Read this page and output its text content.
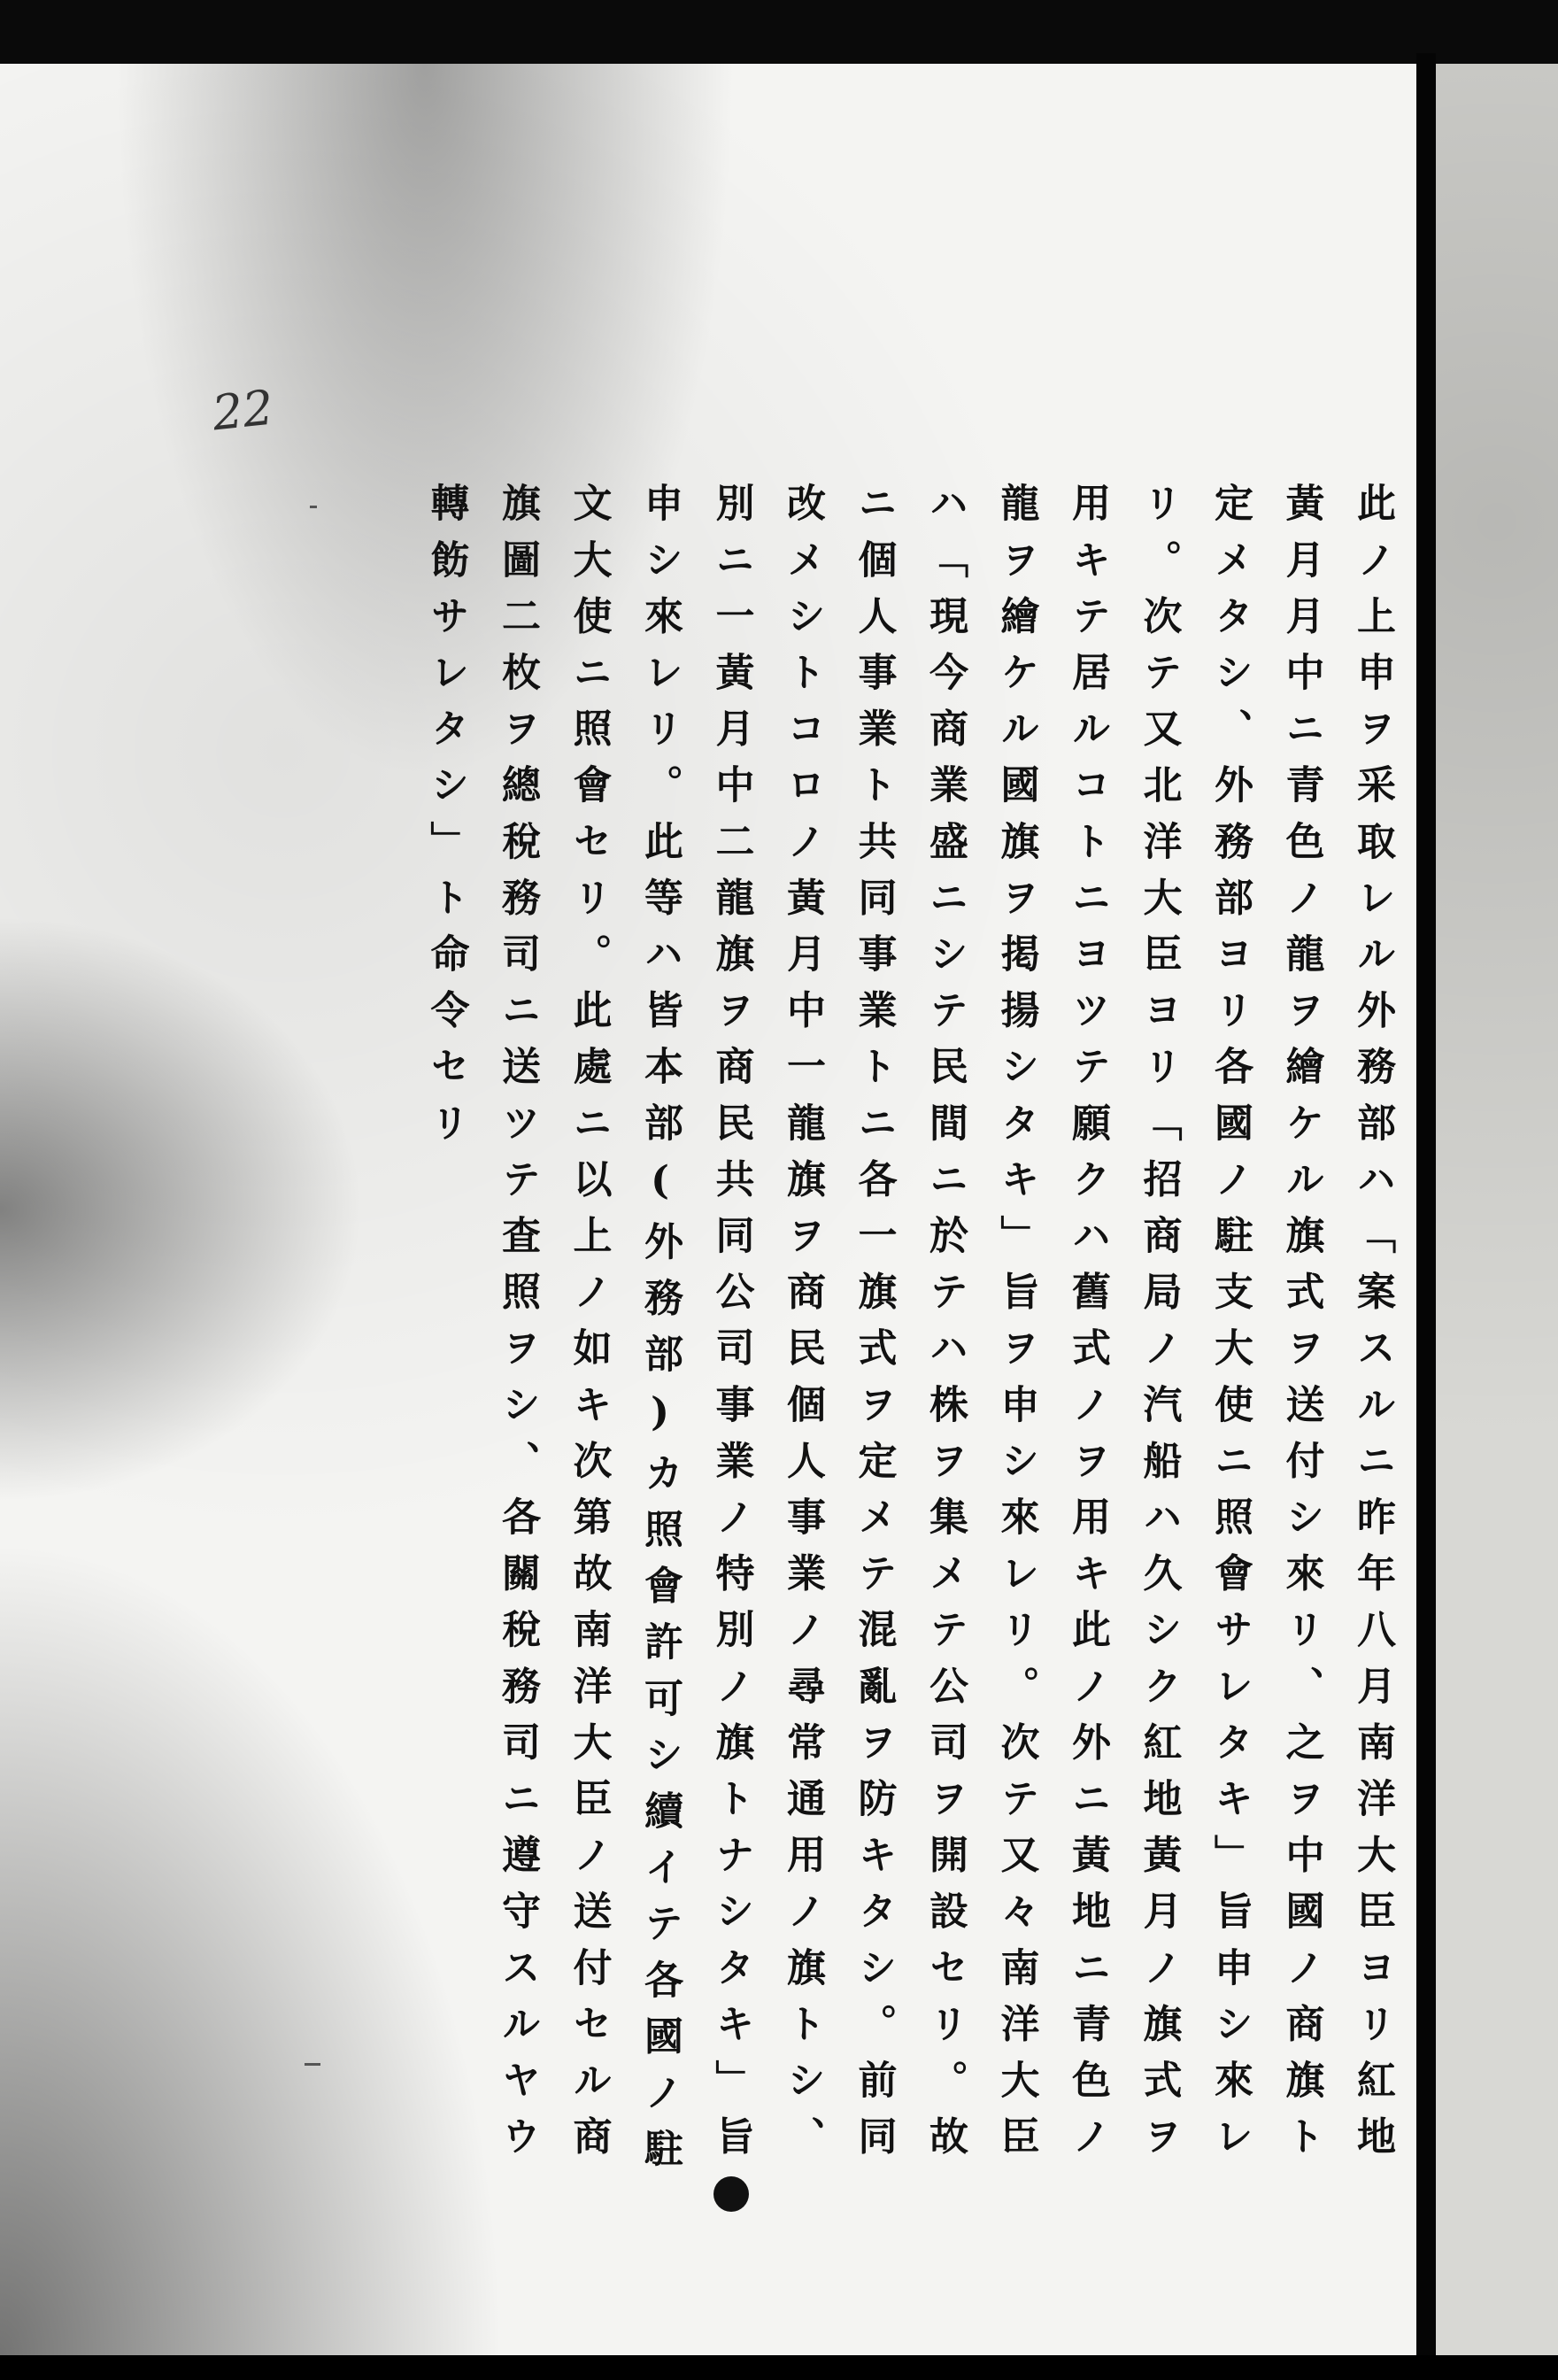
22

此ノ上申ヲ采取レル外務部ハ「案スルニ昨年八月南洋大臣ヨリ紅地

黃月月中ニ青色ノ龍ヲ繪ケル旗式ヲ送付シ來リ、之ヲ中國ノ商旗ト

定メタシ、外務部ヨリ各國ノ駐支大使ニ照會サレタキ」旨申シ來レ

リ。次テ又北洋大臣ヨリ「招商局ノ汽船ハ久シク紅地黃月ノ旗式ヲ

用キテ居ルコトニヨツテ願クハ舊式ノヲ用キ此ノ外ニ黃地ニ青色ノ

龍ヲ繪ケル國旗ヲ掲揚シタキ」旨ヲ申シ來レリ。次テ又々南洋大臣

ハ「現今商業盛ニシテ民間ニ於テハ株ヲ集メテ公司ヲ開設セリ。故

ニ個人事業ト共同事業トニ各一旗式ヲ定メテ混亂ヲ防キタシ。前同

改メシトコロノ黃月中一龍旗ヲ商民個人事業ノ尋常通用ノ旗トシ、

別ニ一黃月中二龍旗ヲ商民共同公司事業ノ特別ノ旗トナシタキ」旨

申シ來レリ。此等ハ皆本部(外務部)カ照會許可シ續イテ各國ノ駐

文大使ニ照會セリ。此處ニ以上ノ如キ次第故南洋大臣ノ送付セル商

旗圖二枚ヲ總稅務司ニ送ツテ査照ヲシ、各關稅務司ニ遵守スルヤウ

轉飭サレタシ」ト命令セリ
